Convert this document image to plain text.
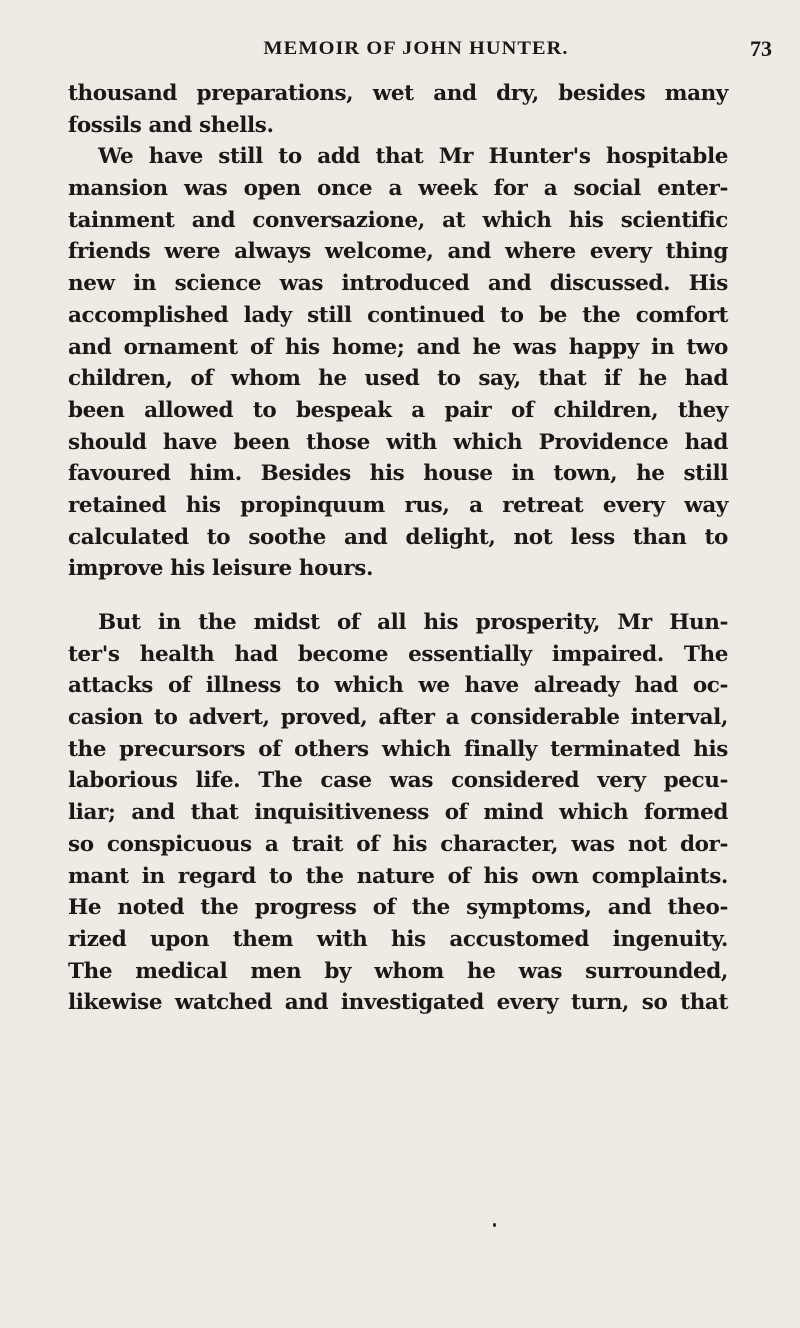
MEMOIR OF JOHN HUNTER.	73
thousand preparations, wet and dry, besides many
fossils and shells.
We have still to add that Mr Hunter's hospitable
mansion was open once a week for a social enter-
tainment and conversazione, at which his scientific
friends were always welcome, and where every thing
new in science was introduced and discussed. His
accomplished lady still continued to be the comfort
and ornament of his home; and he was happy in two
children, of whom he used to say, that if he had
been allowed to bespeak a pair of children, they
should have been those with which Providence had
favoured him. Besides his house in town, he still
retained his propinquum rus, a retreat every way
calculated to soothe and delight, not less than to
improve his leisure hours.
But in the midst of all his prosperity, Mr Hun-
ter's health had become essentially impaired. The
attacks of illness to which we have already had oc-
casion to advert, proved, after a considerable interval,
the precursors of others which finally terminated his
laborious life. The case was considered very pecu-
liar; and that inquisitiveness of mind which formed
so conspicuous a trait of his character, was not dor-
mant in regard to the nature of his own complaints.
He noted the progress of the symptoms, and theo-
rized upon them with his accustomed ingenuity.
The medical men by whom he was surrounded,
likewise watched and investigated every turn, so that
